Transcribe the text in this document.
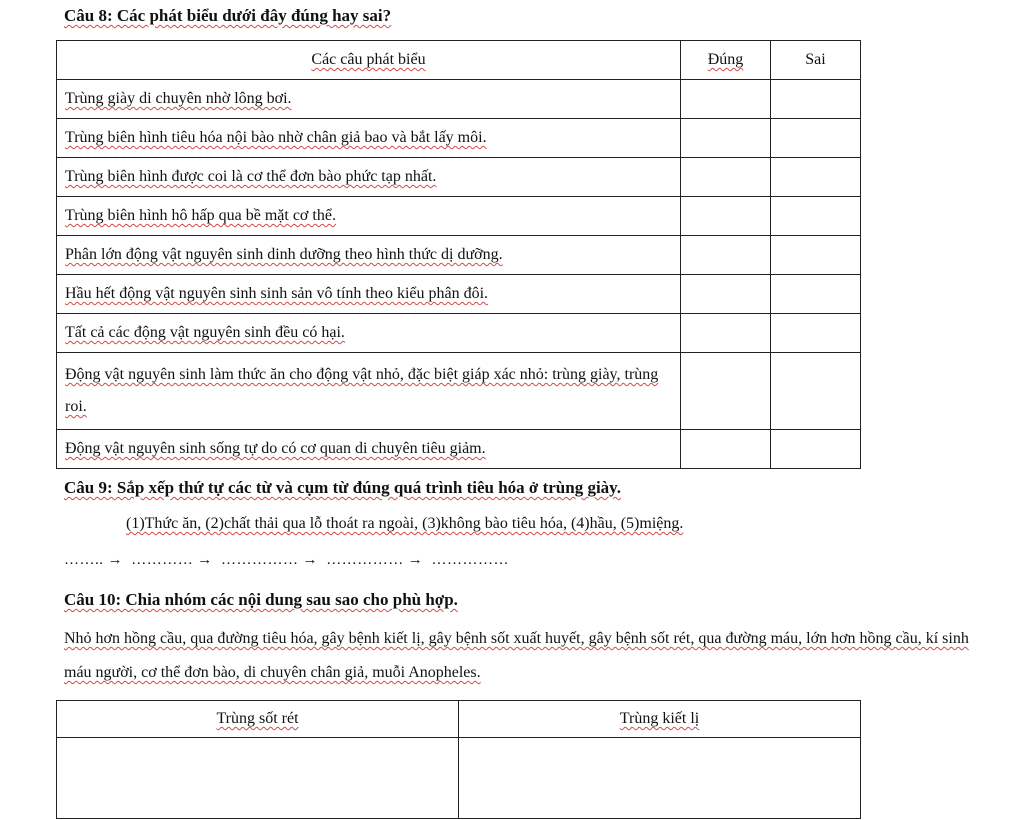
Câu 8: Các phát biểu dưới đây đúng hay sai?
Các câu phát biểu	Đúng	Sai
Trùng giày di chuyên nhờ lông bơi.		
Trùng biên hình tiêu hóa nội bào nhờ chân giả bao và bắt lấy môi.		
Trùng biên hình được coi là cơ thể đơn bào phức tạp nhất.		
Trùng biên hình hô hấp qua bề mặt cơ thể.		
Phân lớn động vật nguyên sinh dinh dưỡng theo hình thức dị dưỡng.		
Hầu hết động vật nguyên sinh sinh sản vô tính theo kiểu phân đôi.		
Tất cả các động vật nguyên sinh đều có hại.		
Động vật nguyên sinh làm thức ăn cho động vật nhỏ, đặc biệt giáp xác nhỏ: trùng giày, trùng roi.		
Động vật nguyên sinh sống tự do có cơ quan di chuyên tiêu giảm.		
Câu 9: Sắp xếp thứ tự các từ và cụm từ đúng quá trình tiêu hóa ở trùng giày.
(1)Thức ăn, (2)chất thải qua lỗ thoát ra ngoài, (3)không bào tiêu hóa, (4)hầu, (5)miệng.
…….. → ………… → …………… → …………… → ……………
Câu 10: Chia nhóm các nội dung sau sao cho phù hợp.
Nhỏ hơn hồng cầu, qua đường tiêu hóa, gây bệnh kiết lị, gây bệnh sốt xuất huyết, gây bệnh sốt rét, qua đường máu, lớn hơn hồng cầu, kí sinh máu người, cơ thể đơn bào, di chuyên chân giả, muỗi Anopheles.
Trùng sốt rét	Trùng kiết lị
